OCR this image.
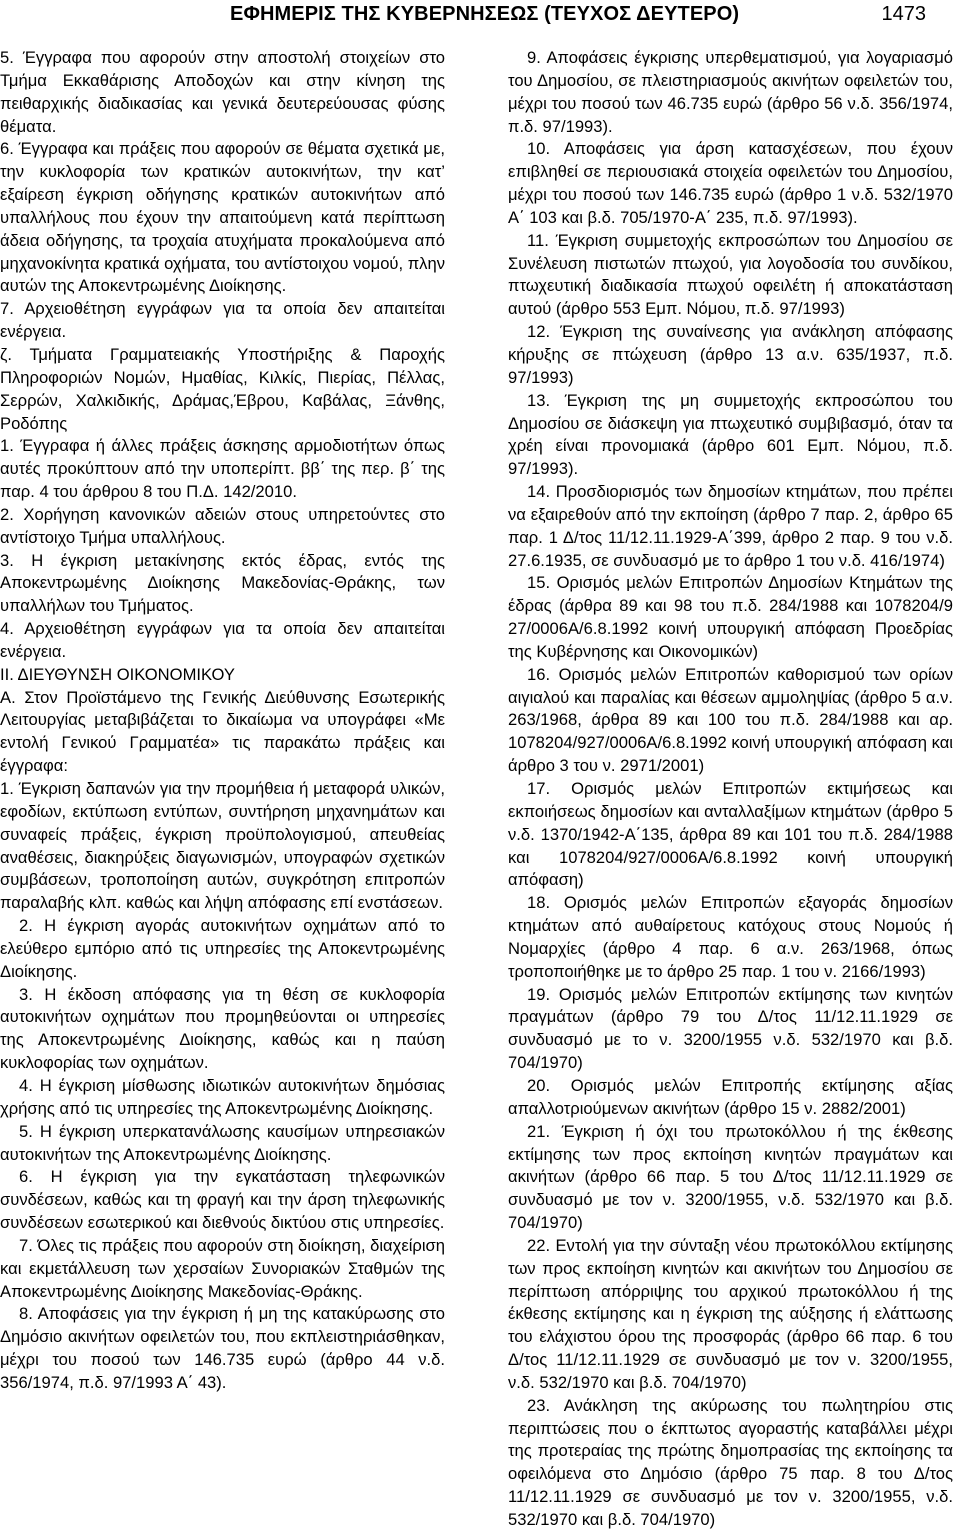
ΕΦΗΜΕΡΙΣ ΤΗΣ ΚΥΒΕΡΝΗΣΕΩΣ (ΤΕΥΧΟΣ ΔΕΥΤΕΡΟ)	1473

5. Έγγραφα που αφορούν στην αποστολή στοιχείων στο Τμήμα Εκκαθάρισης Αποδοχών και στην κίνηση της πειθαρχικής διαδικασίας και γενικά δευτερεύουσας φύσης θέματα.

6. Έγγραφα και πράξεις που αφορούν σε θέματα σχετικά με, την κυκλοφορία των κρατικών αυτοκινήτων, την κατ’ εξαίρεση έγκριση οδήγησης κρατικών αυτοκινήτων από υπαλλήλους που έχουν την απαιτούμενη κατά περίπτωση άδεια οδήγησης, τα τροχαία ατυχήματα προκαλούμενα από μηχανοκίνητα κρατικά οχήματα, του αντίστοιχου νομού, πλην αυτών της Αποκεντρωμένης Διοίκησης.

7. Αρχειοθέτηση εγγράφων για τα οποία δεν απαιτείται ενέργεια.

ζ. Τμήματα Γραμματειακής Υποστήριξης & Παροχής Πληροφοριών Νομών, Ημαθίας, Κιλκίς, Πιερίας, Πέλλας, Σερρών, Χαλκιδικής, Δράμας,Έβρου, Καβάλας, Ξάνθης, Ροδόπης

1. Έγγραφα ή άλλες πράξεις άσκησης αρμοδιοτήτων όπως αυτές προκύπτουν από την υποπερίπτ. ββ΄ της περ. β΄ της παρ. 4 του άρθρου 8 του Π.Δ. 142/2010.

2. Χορήγηση κανονικών αδειών στους υπηρετούντες στο αντίστοιχο Τμήμα υπαλλήλους.

3. Η έγκριση μετακίνησης εκτός έδρας, εντός της Αποκεντρωμένης Διοίκησης Μακεδονίας-Θράκης, των υπαλλήλων του Τμήματος.

4. Αρχειοθέτηση εγγράφων για τα οποία δεν απαιτείται ενέργεια.

ΙΙ. ΔΙΕΥΘΥΝΣΗ ΟΙΚΟΝΟΜΙΚΟΥ

Α. Στον Προϊστάμενο της Γενικής Διεύθυνσης Εσωτερικής Λειτουργίας μεταβιβάζεται το δικαίωμα να υπογράφει «Με εντολή Γενικού Γραμματέα» τις παρακάτω πράξεις και έγγραφα:

1. Έγκριση δαπανών για την προμήθεια ή μεταφορά υλικών, εφοδίων, εκτύπωση εντύπων, συντήρηση μηχανημάτων και συναφείς πράξεις, έγκριση προϋπολογισμού, απευθείας αναθέσεις, διακηρύξεις διαγωνισμών, υπογραφών σχετικών συμβάσεων, τροποποίηση αυτών, συγκρότηση επιτροπών παραλαβής κλπ. καθώς και λήψη απόφασης επί ενστάσεων.

2. Η έγκριση αγοράς αυτοκινήτων οχημάτων από το ελεύθερο εμπόριο από τις υπηρεσίες της Αποκεντρωμένης Διοίκησης.

3. Η έκδοση απόφασης για τη θέση σε κυκλοφορία αυτοκινήτων οχημάτων που προμηθεύονται οι υπηρεσίες της Αποκεντρωμένης Διοίκησης, καθώς και η παύση κυκλοφορίας των οχημάτων.

4. Η έγκριση μίσθωσης ιδιωτικών αυτοκινήτων δημόσιας χρήσης από τις υπηρεσίες της Αποκεντρωμένης Διοίκησης.

5. Η έγκριση υπερκατανάλωσης καυσίμων υπηρεσιακών αυτοκινήτων της Αποκεντρωμένης Διοίκησης.

6. Η έγκριση για την εγκατάσταση τηλεφωνικών συνδέσεων, καθώς και τη φραγή και την άρση τηλεφωνικής συνδέσεων εσωτερικού και διεθνούς δικτύου στις υπηρεσίες.

7. Όλες τις πράξεις που αφορούν στη διοίκηση, διαχείριση και εκμετάλλευση των χερσαίων Συνοριακών Σταθμών της Αποκεντρωμένης Διοίκησης Μακεδονίας-Θράκης.

8. Αποφάσεις για την έγκριση ή μη της κατακύρωσης στο Δημόσιο ακινήτων οφειλετών του, που εκπλειστηριάσθηκαν, μέχρι του ποσού των 146.735 ευρώ (άρθρο 44 ν.δ. 356/1974, π.δ. 97/1993 Α΄ 43).

9. Αποφάσεις έγκρισης υπερθεματισμού, για λογαριασμό του Δημοσίου, σε πλειστηριασμούς ακινήτων οφειλετών του, μέχρι του ποσού των 46.735 ευρώ (άρθρο 56 ν.δ. 356/1974, π.δ. 97/1993).

10. Αποφάσεις για άρση κατασχέσεων, που έχουν επιβληθεί σε περιουσιακά στοιχεία οφειλετών του Δημοσίου, μέχρι του ποσού των 146.735 ευρώ (άρθρο 1 ν.δ. 532/1970 Α΄ 103 και β.δ. 705/1970-Α΄ 235, π.δ. 97/1993).

11. Έγκριση συμμετοχής εκπροσώπων του Δημοσίου σε Συνέλευση πιστωτών πτωχού, για λογοδοσία του συνδίκου, πτωχευτική διαδικασία πτωχού οφειλέτη ή αποκατάσταση αυτού (άρθρο 553 Εμπ. Νόμου, π.δ. 97/1993)

12. Έγκριση της συναίνεσης για ανάκληση απόφασης κήρυξης σε πτώχευση (άρθρο 13 α.ν. 635/1937, π.δ. 97/1993)

13. Έγκριση της μη συμμετοχής εκπροσώπου του Δημοσίου σε διάσκεψη για πτωχευτικό συμβιβασμό, όταν τα χρέη είναι προνομιακά (άρθρο 601 Εμπ. Νόμου, π.δ. 97/1993).

14. Προσδιορισμός των δημοσίων κτημάτων, που πρέπει να εξαιρεθούν από την εκποίηση (άρθρο 7 παρ. 2, άρθρο 65 παρ. 1 Δ/τος 11/12.11.1929-Α΄399, άρθρο 2 παρ. 9 του ν.δ. 27.6.1935, σε συνδυασμό με το άρθρο 1 του ν.δ. 416/1974)

15. Ορισμός μελών Επιτροπών Δημοσίων Κτημάτων της έδρας (άρθρα 89 και 98 του π.δ. 284/1988 και 1078204/9 27/0006Α/6.8.1992 κοινή υπουργική απόφαση Προεδρίας της Κυβέρνησης και Οικονομικών)

16. Ορισμός μελών Επιτροπών καθορισμού των ορίων αιγιαλού και παραλίας και θέσεων αμμοληψίας (άρθρο 5 α.ν. 263/1968, άρθρα 89 και 100 του π.δ. 284/1988 και αρ. 1078204/927/0006Α/6.8.1992 κοινή υπουργική απόφαση και άρθρο 3 του ν. 2971/2001)

17. Ορισμός μελών Επιτροπών εκτιμήσεως και εκποιήσεως δημοσίων και ανταλλαξίμων κτημάτων (άρθρο 5 ν.δ. 1370/1942-Α΄135, άρθρα 89 και 101 του π.δ. 284/1988 και 1078204/927/0006Α/6.8.1992 κοινή υπουργική απόφαση)

18. Ορισμός μελών Επιτροπών εξαγοράς δημοσίων κτημάτων από αυθαίρετους κατόχους στους Νομούς ή Νομαρχίες (άρθρο 4 παρ. 6 α.ν. 263/1968, όπως τροποποιήθηκε με το άρθρο 25 παρ. 1 του ν. 2166/1993)

19. Ορισμός μελών Επιτροπών εκτίμησης των κινητών πραγμάτων (άρθρο 79 του Δ/τος 11/12.11.1929 σε συνδυασμό με το ν. 3200/1955 ν.δ. 532/1970 και β.δ. 704/1970)

20. Ορισμός μελών Επιτροπής εκτίμησης αξίας απαλλοτριούμενων ακινήτων (άρθρο 15 ν. 2882/2001)

21. Έγκριση ή όχι του πρωτοκόλλου ή της έκθεσης εκτίμησης των προς εκποίηση κινητών πραγμάτων και ακινήτων (άρθρο 66 παρ. 5 του Δ/τος 11/12.11.1929 σε συνδυασμό με τον ν. 3200/1955, ν.δ. 532/1970 και β.δ. 704/1970)

22. Εντολή για την σύνταξη νέου πρωτοκόλλου εκτίμησης των προς εκποίηση κινητών και ακινήτων του Δημοσίου σε περίπτωση απόρριψης του αρχικού πρωτοκόλλου ή της έκθεσης εκτίμησης και η έγκριση της αύξησης ή ελάττωσης του ελάχιστου όρου της προσφοράς (άρθρο 66 παρ. 6 του Δ/τος 11/12.11.1929 σε συνδυασμό με τον ν. 3200/1955, ν.δ. 532/1970 και β.δ. 704/1970)

23. Ανάκληση της ακύρωσης του πωλητηρίου στις περιπτώσεις που ο έκπτωτος αγοραστής καταβάλλει μέχρι της προτεραίας της πρώτης δημοπρασίας της εκποίησης τα οφειλόμενα στο Δημόσιο (άρθρο 75 παρ. 8 του Δ/τος 11/12.11.1929 σε συνδυασμό με τον ν. 3200/1955, ν.δ. 532/1970 και β.δ. 704/1970)
